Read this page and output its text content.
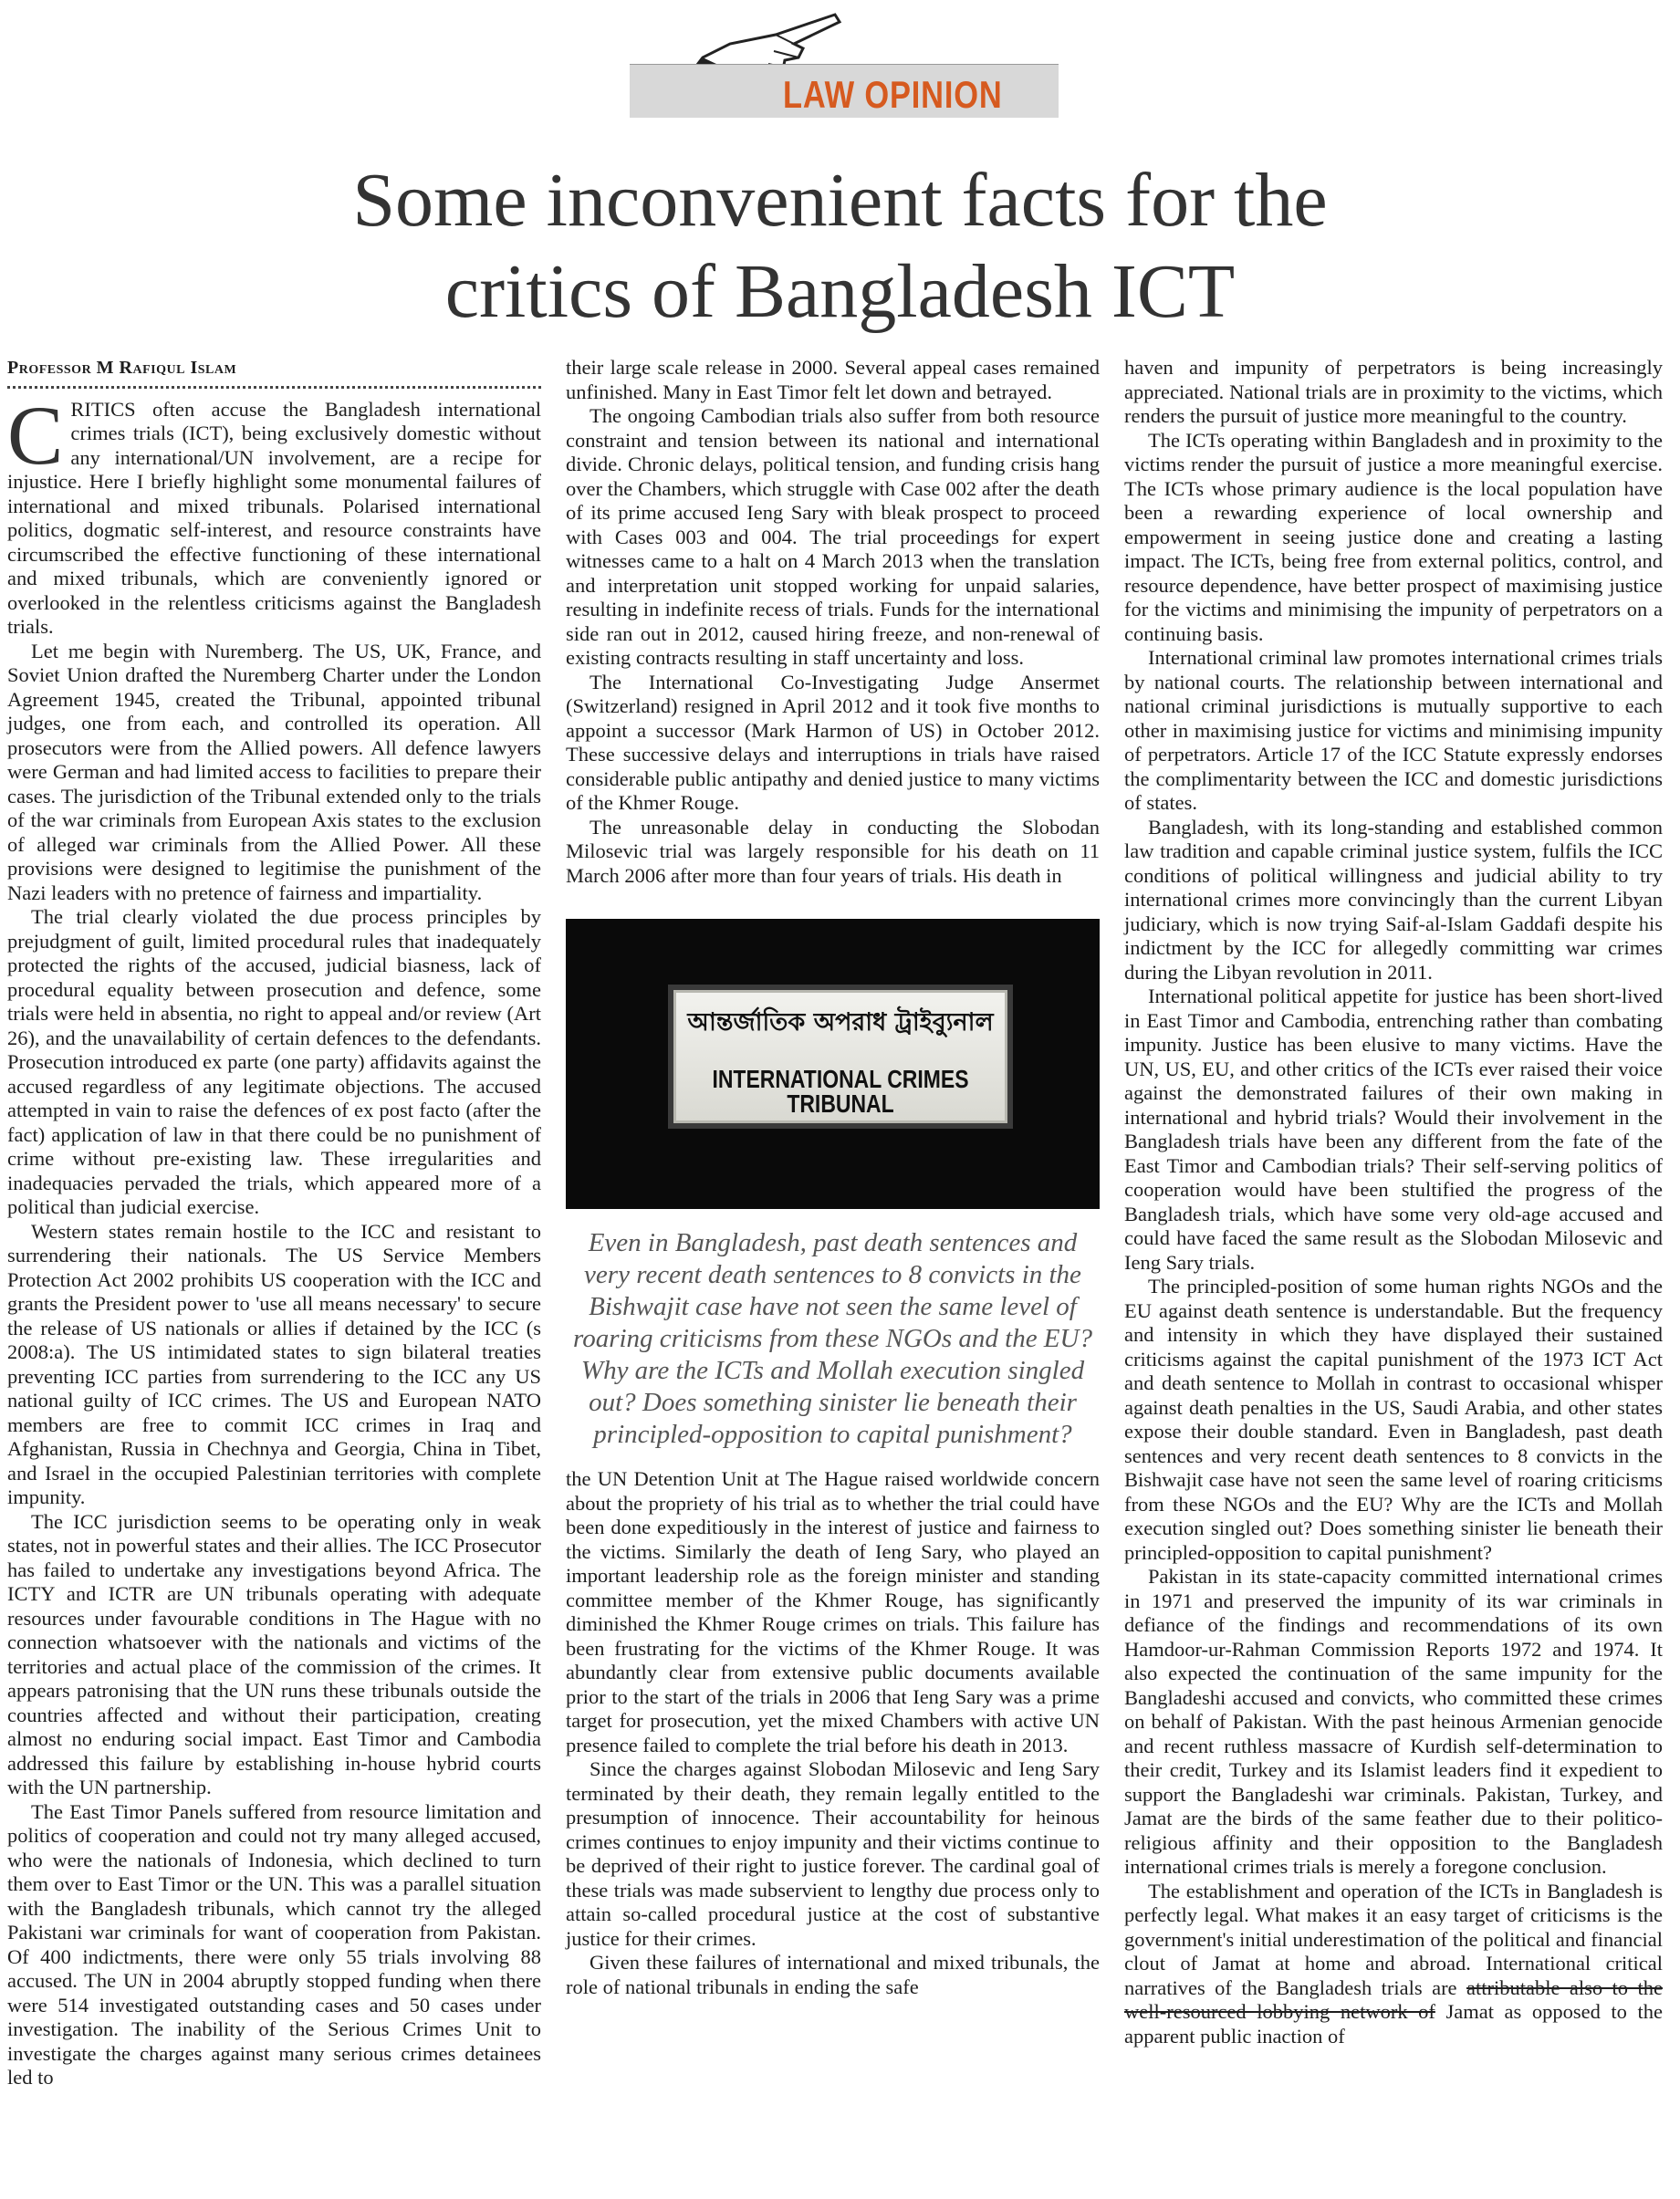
LAW OPINION
Some inconvenient facts for the
critics of Bangladesh ICT
Professor M Rafiqul Islam

CRITICS often accuse the Bangladesh international crimes trials (ICT), being exclusively domestic without any international/UN involvement, are a recipe for injustice. Here I briefly highlight some monumental failures of international and mixed tribunals. Polarised international politics, dogmatic self-interest, and resource constraints have circumscribed the effective functioning of these international and mixed tribunals, which are conveniently ignored or overlooked in the relentless criticisms against the Bangladesh trials.

Let me begin with Nuremberg. The US, UK, France, and Soviet Union drafted the Nuremberg Charter under the London Agreement 1945, created the Tribunal, appointed tribunal judges, one from each, and controlled its operation. All prosecutors were from the Allied powers. All defence lawyers were German and had limited access to facilities to prepare their cases. The jurisdiction of the Tribunal extended only to the trials of the war criminals from European Axis states to the exclusion of alleged war criminals from the Allied Power. All these provisions were designed to legitimise the punishment of the Nazi leaders with no pretence of fairness and impartiality.

The trial clearly violated the due process principles by prejudgment of guilt, limited procedural rules that inadequately protected the rights of the accused, judicial biasness, lack of procedural equality between prosecution and defence, some trials were held in absentia, no right to appeal and/or review (Art 26), and the unavailability of certain defences to the defendants. Prosecution introduced ex parte (one party) affidavits against the accused regardless of any legitimate objections. The accused attempted in vain to raise the defences of ex post facto (after the fact) application of law in that there could be no punishment of crime without pre-existing law. These irregularities and inadequacies pervaded the trials, which appeared more of a political than judicial exercise.

Western states remain hostile to the ICC and resistant to surrendering their nationals. The US Service Members Protection Act 2002 prohibits US cooperation with the ICC and grants the President power to 'use all means necessary' to secure the release of US nationals or allies if detained by the ICC (s 2008:a). The US intimidated states to sign bilateral treaties preventing ICC parties from surrendering to the ICC any US national guilty of ICC crimes. The US and European NATO members are free to commit ICC crimes in Iraq and Afghanistan, Russia in Chechnya and Georgia, China in Tibet, and Israel in the occupied Palestinian territories with complete impunity.

The ICC jurisdiction seems to be operating only in weak states, not in powerful states and their allies. The ICC Prosecutor has failed to undertake any investigations beyond Africa. The ICTY and ICTR are UN tribunals operating with adequate resources under favourable conditions in The Hague with no connection whatsoever with the nationals and victims of the territories and actual place of the commission of the crimes. It appears patronising that the UN runs these tribunals outside the countries affected and without their participation, creating almost no enduring social impact. East Timor and Cambodia addressed this failure by establishing in-house hybrid courts with the UN partnership.

The East Timor Panels suffered from resource limitation and politics of cooperation and could not try many alleged accused, who were the nationals of Indonesia, which declined to turn them over to East Timor or the UN. This was a parallel situation with the Bangladesh tribunals, which cannot try the alleged Pakistani war criminals for want of cooperation from Pakistan. Of 400 indictments, there were only 55 trials involving 88 accused. The UN in 2004 abruptly stopped funding when there were 514 investigated outstanding cases and 50 cases under investigation. The inability of the Serious Crimes Unit to investigate the charges against many serious crimes detainees led to

their large scale release in 2000. Several appeal cases remained unfinished. Many in East Timor felt let down and betrayed.

The ongoing Cambodian trials also suffer from both resource constraint and tension between its national and international divide. Chronic delays, political tension, and funding crisis hang over the Chambers, which struggle with Case 002 after the death of its prime accused Ieng Sary with bleak prospect to proceed with Cases 003 and 004. The trial proceedings for expert witnesses came to a halt on 4 March 2013 when the translation and interpretation unit stopped working for unpaid salaries, resulting in indefinite recess of trials. Funds for the international side ran out in 2012, caused hiring freeze, and non-renewal of existing contracts resulting in staff uncertainty and loss.

The International Co-Investigating Judge Ansermet (Switzerland) resigned in April 2012 and it took five months to appoint a successor (Mark Harmon of US) in October 2012. These successive delays and interruptions in trials have raised considerable public antipathy and denied justice to many victims of the Khmer Rouge.

The unreasonable delay in conducting the Slobodan Milosevic trial was largely responsible for his death on 11 March 2006 after more than four years of trials. His death in

আন্তর্জাতিক অপরাধ ট্রাইব্যুনাল
INTERNATIONAL CRIMES TRIBUNAL
Even in Bangladesh, past death sentences and very recent death sentences to 8 convicts in the Bishwajit case have not seen the same level of roaring criticisms from these NGOs and the EU? Why are the ICTs and Mollah execution singled out? Does something sinister lie beneath their principled-opposition to capital punishment?

the UN Detention Unit at The Hague raised worldwide concern about the propriety of his trial as to whether the trial could have been done expeditiously in the interest of justice and fairness to the victims. Similarly the death of Ieng Sary, who played an important leadership role as the foreign minister and standing committee member of the Khmer Rouge, has significantly diminished the Khmer Rouge crimes on trials. This failure has been frustrating for the victims of the Khmer Rouge. It was abundantly clear from extensive public documents available prior to the start of the trials in 2006 that Ieng Sary was a prime target for prosecution, yet the mixed Chambers with active UN presence failed to complete the trial before his death in 2013.

Since the charges against Slobodan Milosevic and Ieng Sary terminated by their death, they remain legally entitled to the presumption of innocence. Their accountability for heinous crimes continues to enjoy impunity and their victims continue to be deprived of their right to justice forever. The cardinal goal of these trials was made subservient to lengthy due process only to attain so-called procedural justice at the cost of substantive justice for their crimes.

Given these failures of international and mixed tribunals, the role of national tribunals in ending the safe

haven and impunity of perpetrators is being increasingly appreciated. National trials are in proximity to the victims, which renders the pursuit of justice more meaningful to the country.

The ICTs operating within Bangladesh and in proximity to the victims render the pursuit of justice a more meaningful exercise. The ICTs whose primary audience is the local population have been a rewarding experience of local ownership and empowerment in seeing justice done and creating a lasting impact. The ICTs, being free from external politics, control, and resource dependence, have better prospect of maximising justice for the victims and minimising the impunity of perpetrators on a continuing basis.

International criminal law promotes international crimes trials by national courts. The relationship between international and national criminal jurisdictions is mutually supportive to each other in maximising justice for victims and minimising impunity of perpetrators. Article 17 of the ICC Statute expressly endorses the complimentarity between the ICC and domestic jurisdictions of states.

Bangladesh, with its long-standing and established common law tradition and capable criminal justice system, fulfils the ICC conditions of political willingness and judicial ability to try international crimes more convincingly than the current Libyan judiciary, which is now trying Saif-al-Islam Gaddafi despite his indictment by the ICC for allegedly committing war crimes during the Libyan revolution in 2011.

International political appetite for justice has been short-lived in East Timor and Cambodia, entrenching rather than combating impunity. Justice has been elusive to many victims. Have the UN, US, EU, and other critics of the ICTs ever raised their voice against the demonstrated failures of their own making in international and hybrid trials? Would their involvement in the Bangladesh trials have been any different from the fate of the East Timor and Cambodian trials? Their self-serving politics of cooperation would have been stultified the progress of the Bangladesh trials, which have some very old-age accused and could have faced the same result as the Slobodan Milosevic and Ieng Sary trials.

The principled-position of some human rights NGOs and the EU against death sentence is understandable. But the frequency and intensity in which they have displayed their sustained criticisms against the capital punishment of the 1973 ICT Act and death sentence to Mollah in contrast to occasional whisper against death penalties in the US, Saudi Arabia, and other states expose their double standard. Even in Bangladesh, past death sentences and very recent death sentences to 8 convicts in the Bishwajit case have not seen the same level of roaring criticisms from these NGOs and the EU? Why are the ICTs and Mollah execution singled out? Does something sinister lie beneath their principled-opposition to capital punishment?

Pakistan in its state-capacity committed international crimes in 1971 and preserved the impunity of its war criminals in defiance of the findings and recommendations of its own Hamdoor-ur-Rahman Commission Reports 1972 and 1974. It also expected the continuation of the same impunity for the Bangladeshi accused and convicts, who committed these crimes on behalf of Pakistan. With the past heinous Armenian genocide and recent ruthless massacre of Kurdish self-determination to their credit, Turkey and its Islamist leaders find it expedient to support the Bangladeshi war criminals. Pakistan, Turkey, and Jamat are the birds of the same feather due to their politico-religious affinity and their opposition to the Bangladesh international crimes trials is merely a foregone conclusion.

The establishment and operation of the ICTs in Bangladesh is perfectly legal. What makes it an easy target of criticisms is the government's initial underestimation of the political and financial clout of Jamat at home and abroad. International critical narratives of the Bangladesh trials are attributable also to the well-resourced lobbying network of Jamat as opposed to the apparent public inaction of
